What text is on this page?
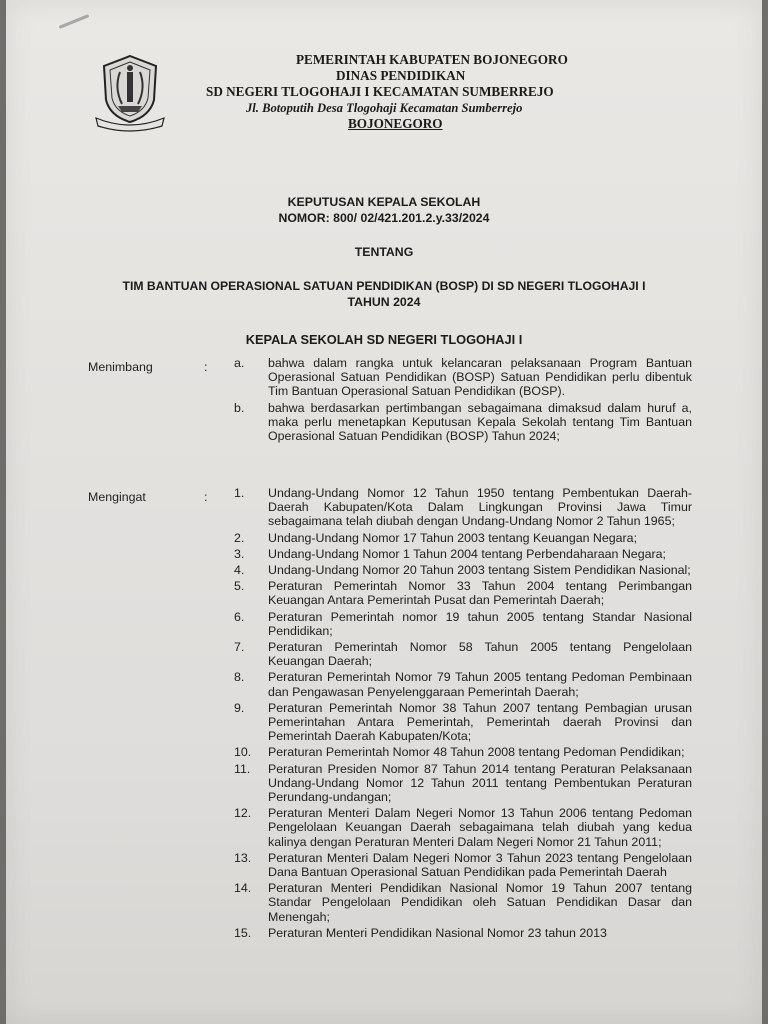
PEMERINTAH KABUPATEN BOJONEGORO
DINAS PENDIDIKAN
SD NEGERI TLOGOHAJI I KECAMATAN SUMBERREJO
Jl. Botoputih Desa Tlogohaji Kecamatan Sumberrejo
BOJONEGORO
KEPUTUSAN KEPALA SEKOLAH
NOMOR: 800/ 02/421.201.2.y.33/2024
TENTANG
TIM BANTUAN OPERASIONAL SATUAN PENDIDIKAN (BOSP) DI SD NEGERI TLOGOHAJI I
TAHUN 2024
KEPALA SEKOLAH SD NEGERI TLOGOHAJI I
Menimbang	: a.	bahwa dalam rangka untuk kelancaran pelaksanaan Program Bantuan Operasional Satuan Pendidikan (BOSP) Satuan Pendidikan perlu dibentuk Tim Bantuan Operasional Satuan Pendidikan (BOSP).
b.	bahwa berdasarkan pertimbangan sebagaimana dimaksud dalam huruf a, maka perlu menetapkan Keputusan Kepala Sekolah tentang Tim Bantuan Operasional Satuan Pendidikan (BOSP) Tahun 2024;
Mengingat	: 1.	Undang-Undang Nomor 12 Tahun 1950 tentang Pembentukan Daerah-Daerah Kabupaten/Kota Dalam Lingkungan Provinsi Jawa Timur sebagaimana telah diubah dengan Undang-Undang Nomor 2 Tahun 1965;
2.	Undang-Undang Nomor 17 Tahun 2003 tentang Keuangan Negara;
3.	Undang-Undang Nomor 1 Tahun 2004 tentang Perbendaharaan Negara;
4.	Undang-Undang Nomor 20 Tahun 2003 tentang Sistem Pendidikan Nasional;
5.	Peraturan Pemerintah Nomor 33 Tahun 2004 tentang Perimbangan Keuangan Antara Pemerintah Pusat dan Pemerintah Daerah;
6.	Peraturan Pemerintah nomor 19 tahun 2005 tentang Standar Nasional Pendidikan;
7.	Peraturan Pemerintah Nomor 58 Tahun 2005 tentang Pengelolaan Keuangan Daerah;
8.	Peraturan Pemerintah Nomor 79 Tahun 2005 tentang Pedoman Pembinaan dan Pengawasan Penyelenggaraan Pemerintah Daerah;
9.	Peraturan Pemerintah Nomor 38 Tahun 2007 tentang Pembagian urusan Pemerintahan Antara Pemerintah, Pemerintah daerah Provinsi dan Pemerintah Daerah Kabupaten/Kota;
10.	Peraturan Pemerintah Nomor 48 Tahun 2008 tentang Pedoman Pendidikan;
11.	Peraturan Presiden Nomor 87 Tahun 2014 tentang Peraturan Pelaksanaan Undang-Undang Nomor 12 Tahun 2011 tentang Pembentukan Peraturan Perundang-undangan;
12.	Peraturan Menteri Dalam Negeri Nomor 13 Tahun 2006 tentang Pedoman Pengelolaan Keuangan Daerah sebagaimana telah diubah yang kedua kalinya dengan Peraturan Menteri Dalam Negeri Nomor 21 Tahun 2011;
13.	Peraturan Menteri Dalam Negeri Nomor 3 Tahun 2023 tentang Pengelolaan Dana Bantuan Operasional Satuan Pendidikan pada Pemerintah Daerah
14.	Peraturan Menteri Pendidikan Nasional Nomor 19 Tahun 2007 tentang Standar Pengelolaan Pendidikan oleh Satuan Pendidikan Dasar dan Menengah;
15.	Peraturan Menteri Pendidikan Nasional Nomor 23 tahun 2013
